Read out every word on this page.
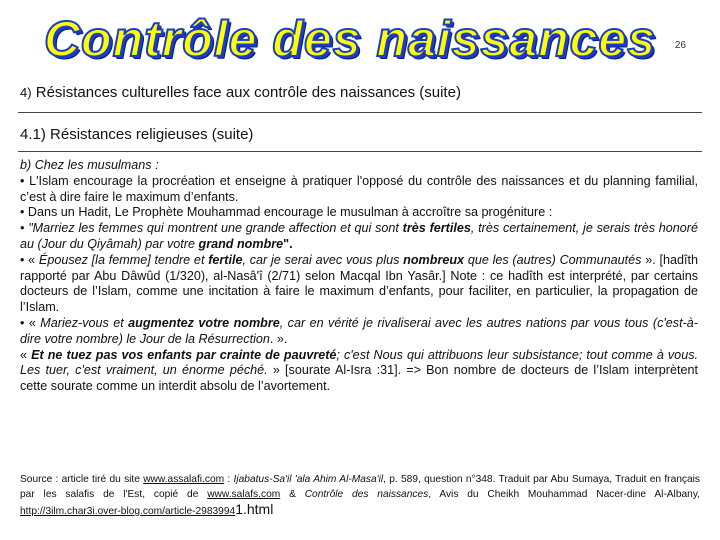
Contrôle des naissances 26
4) Résistances culturelles face aux contrôle des naissances (suite)
4.1) Résistances religieuses (suite)

b) Chez les musulmans :

• L'Islam encourage la procréation et enseigne à pratiquer l'opposé du contrôle des naissances et du planning familial, c’est à dire faire le maximum d’enfants.

• Dans un Hadit, Le Prophète Mouhammad encourage le musulman à accroître sa progéniture :

• "Marriez les femmes qui montrent une grande affection et qui sont très fertiles, très certainement, je serais très honoré au (Jour du Qiyâmah) par votre grand nombre".

• « Épousez [la femme] tendre et fertile, car je serai avec vous plus nombreux que les (autres) Communautés ». [hadîth rapporté par Abu Dâwûd (1/320), al-Nasâ'î (2/71) selon Macqal Ibn Yasâr.] Note : ce hadîth est interprété, par certains docteurs de l’Islam, comme une incitation à faire le maximum d’enfants, pour faciliter, en particulier, la propagation de l’Islam.

• « Mariez-vous et augmentez votre nombre, car en vérité je rivaliserai avec les autres nations par vous tous (c'est-à-dire votre nombre) le Jour de la Résurrection. ».

« Et ne tuez pas vos enfants par crainte de pauvreté; c'est Nous qui attribuons leur subsistance; tout comme à vous. Les tuer, c'est vraiment, un énorme péché. » [sourate Al-Isra :31]. => Bon nombre de docteurs de l’Islam interprètent cette sourate comme un interdit absolu de l’avortement.

Source : article tiré du site www.assalafi.com : Ijabatus-Sa'il 'ala Ahim Al-Masa'il, p. 589, question n°348. Traduit par Abu Sumaya, Traduit en français par les salafis de l'Est, copié de www.salafs.com & Contrôle des naissances, Avis du Cheikh Mouhammad Nacer-dine Al-Albany, http://3ilm.char3i.over-blog.com/article-29839941.html
